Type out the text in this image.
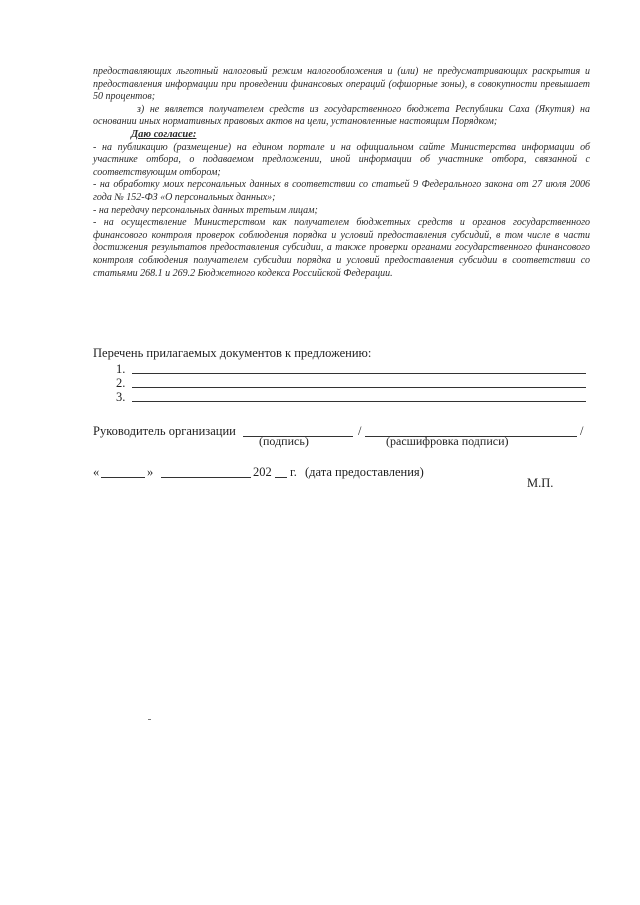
предоставляющих льготный налоговый режим налогообложения и (или) не предусматривающих раскрытия и предоставления информации при проведении финансовых операций (офшорные зоны), в совокупности превышает 50 процентов;

з) не является получателем средств из государственного бюджета Республики Саха (Якутия) на основании иных нормативных правовых актов на цели, установленные настоящим Порядком;

Даю согласие:

- на публикацию (размещение) на едином портале и на официальном сайте Министерства информации об участнике отбора, о подаваемом предложении, иной информации об участнике отбора, связанной с соответствующим отбором;

- на обработку моих персональных данных в соответствии со статьей 9 Федерального закона от 27 июля 2006 года № 152-ФЗ «О персональных данных»;

- на передачу персональных данных третьим лицам;

- на осуществление Министерством как получателем бюджетных средств и органов государственного финансового контроля проверок соблюдения порядка и условий предоставления субсидий, в том числе в части достижения результатов предоставления субсидии, а также проверки органами государственного финансового контроля соблюдения получателем субсидии порядка и условий предоставления субсидии в соответствии со статьями 268.1 и 269.2 Бюджетного кодекса Российской Федерации.

Перечень прилагаемых документов к предложению:
1.
2.
3.
Руководитель организации	/	/
(подпись)	(расшифровка подписи)
«	»	202 г. (дата предоставления)
М.П.
